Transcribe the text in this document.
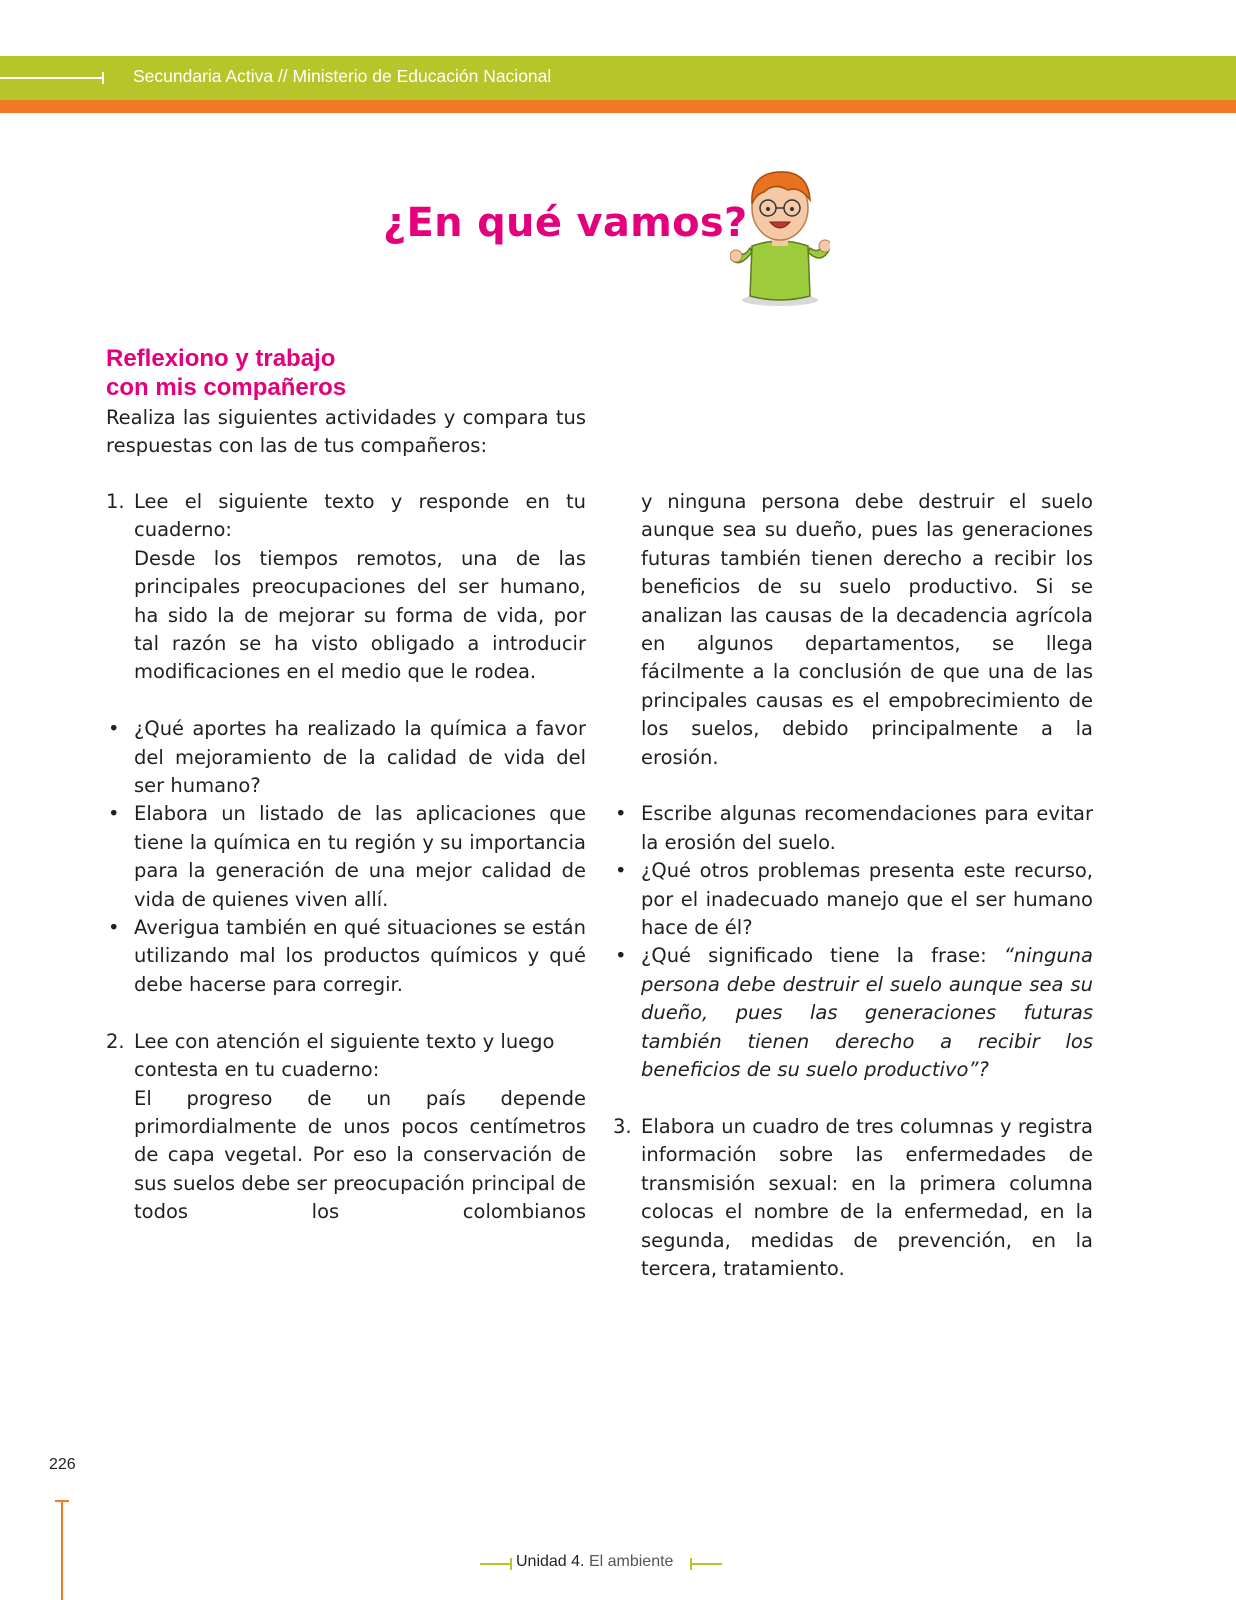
Secundaria Activa // Ministerio de Educación Nacional
¿En qué vamos?
Reflexiono y trabajo
con mis compañeros

Realiza las siguientes actividades y compara tus respuestas con las de tus compañeros:

1. Lee el siguiente texto y responde en tu cuaderno:

Desde los tiempos remotos, una de las principales preocupaciones del ser humano, ha sido la de mejorar su forma de vida, por tal razón se ha visto obligado a introducir modificaciones en el medio que le rodea.

• ¿Qué aportes ha realizado la química a favor del mejoramiento de la calidad de vida del ser humano?

• Elabora un listado de las aplicaciones que tiene la química en tu región y su importancia para la generación de una mejor calidad de vida de quienes viven allí.

• Averigua también en qué situaciones se están utilizando mal los productos químicos y qué debe hacerse para corregir.

2. Lee con atención el siguiente texto y luego contesta en tu cuaderno:

El progreso de un país depende primordialmente de unos pocos centímetros de capa vegetal. Por eso la conservación de sus suelos debe ser preocupación principal de todos los colombianos

y ninguna persona debe destruir el suelo aunque sea su dueño, pues las generaciones futuras también tienen derecho a recibir los beneficios de su suelo productivo. Si se analizan las causas de la decadencia agrícola en algunos departamentos, se llega fácilmente a la conclusión de que una de las principales causas es el empobrecimiento de los suelos, debido principalmente a la erosión.

• Escribe algunas recomendaciones para evitar la erosión del suelo.

• ¿Qué otros problemas presenta este recurso, por el inadecuado manejo que el ser humano hace de él?

• ¿Qué significado tiene la frase: “ninguna persona debe destruir el suelo aunque sea su dueño, pues las generaciones futuras también tienen derecho a recibir los beneficios de su suelo productivo”?

3. Elabora un cuadro de tres columnas y registra información sobre las enfermedades de transmisión sexual: en la primera columna colocas el nombre de la enfermedad, en la segunda, medidas de prevención, en la tercera, tratamiento.

226
Unidad 4. El ambiente
